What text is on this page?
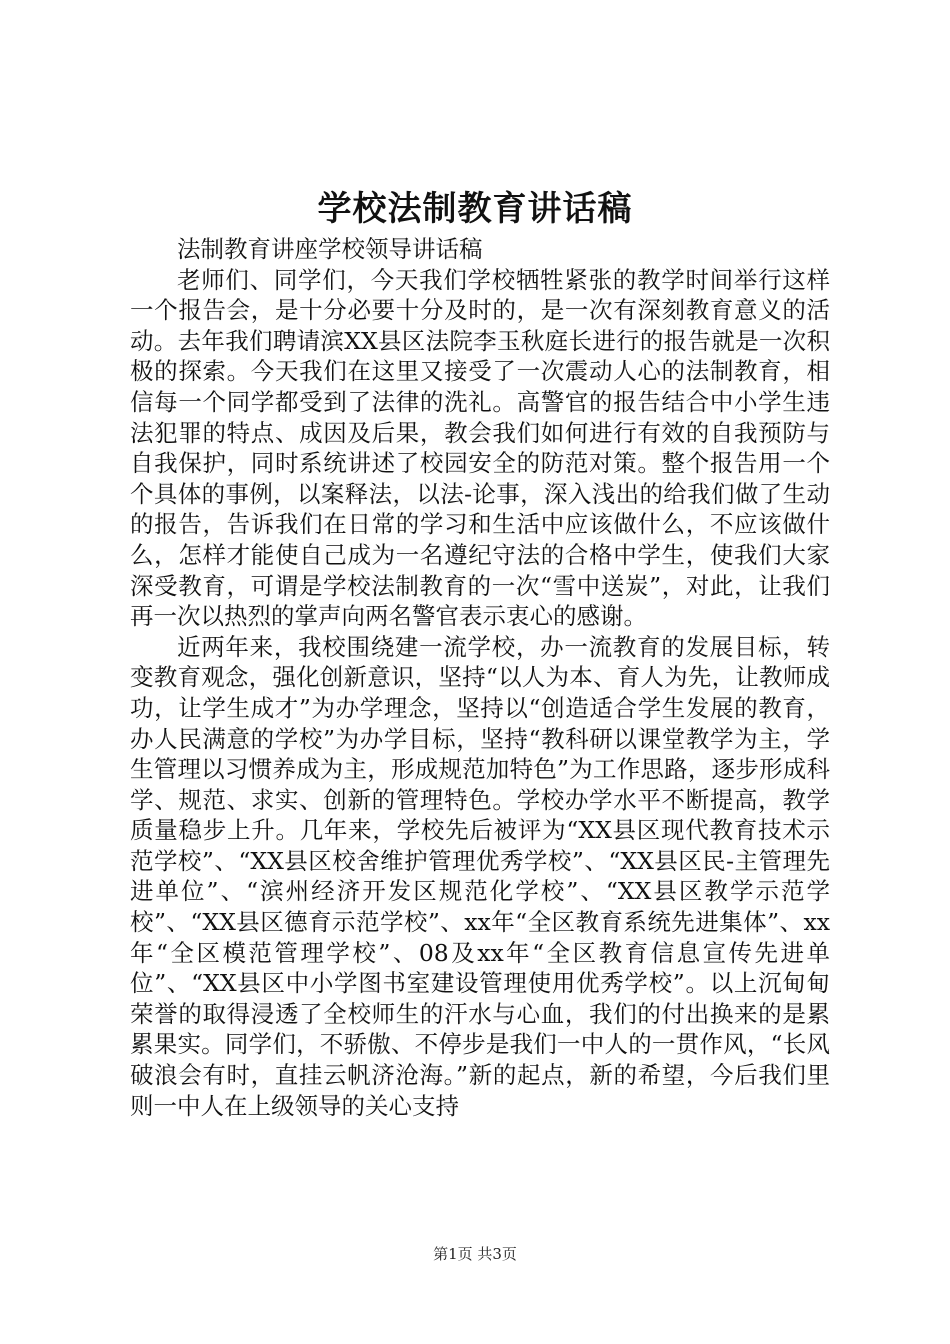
学校法制教育讲话稿

法制教育讲座学校领导讲话稿

老师们、同学们，今天我们学校牺牲紧张的教学时间举行这样一个报告会，是十分必要十分及时的，是一次有深刻教育意义的活动。去年我们聘请滨XX县区法院李玉秋庭长进行的报告就是一次积极的探索。今天我们在这里又接受了一次震动人心的法制教育，相信每一个同学都受到了法律的洗礼。高警官的报告结合中小学生违法犯罪的特点、成因及后果，教会我们如何进行有效的自我预防与自我保护，同时系统讲述了校园安全的防范对策。整个报告用一个个具体的事例，以案释法，以法-论事，深入浅出的给我们做了生动的报告，告诉我们在日常的学习和生活中应该做什么，不应该做什么，怎样才能使自己成为一名遵纪守法的合格中学生，使我们大家深受教育，可谓是学校法制教育的一次“雪中送炭”，对此，让我们再一次以热烈的掌声向两名警官表示衷心的感谢。

近两年来，我校围绕建一流学校，办一流教育的发展目标，转变教育观念，强化创新意识，坚持“以人为本、育人为先，让教师成功，让学生成才”为办学理念，坚持以“创造适合学生发展的教育，办人民满意的学校”为办学目标，坚持“教科研以课堂教学为主，学生管理以习惯养成为主，形成规范加特色”为工作思路，逐步形成科学、规范、求实、创新的管理特色。学校办学水平不断提高，教学质量稳步上升。几年来，学校先后被评为“XX县区现代教育技术示范学校”、“XX县区校舍维护管理优秀学校”、“XX县区民-主管理先进单位”、“滨州经济开发区规范化学校”、“XX县区教学示范学校”、“XX县区德育示范学校”、xx年“全区教育系统先进集体”、xx年“全区模范管理学校”、08及xx年“全区教育信息宣传先进单位”、“XX县区中小学图书室建设管理使用优秀学校”。以上沉甸甸荣誉的取得浸透了全校师生的汗水与心血，我们的付出换来的是累累果实。同学们，不骄傲、不停步是我们一中人的一贯作风，“长风破浪会有时，直挂云帆济沧海。”新的起点，新的希望，今后我们里则一中人在上级领导的关心支持

第1页 共3页
